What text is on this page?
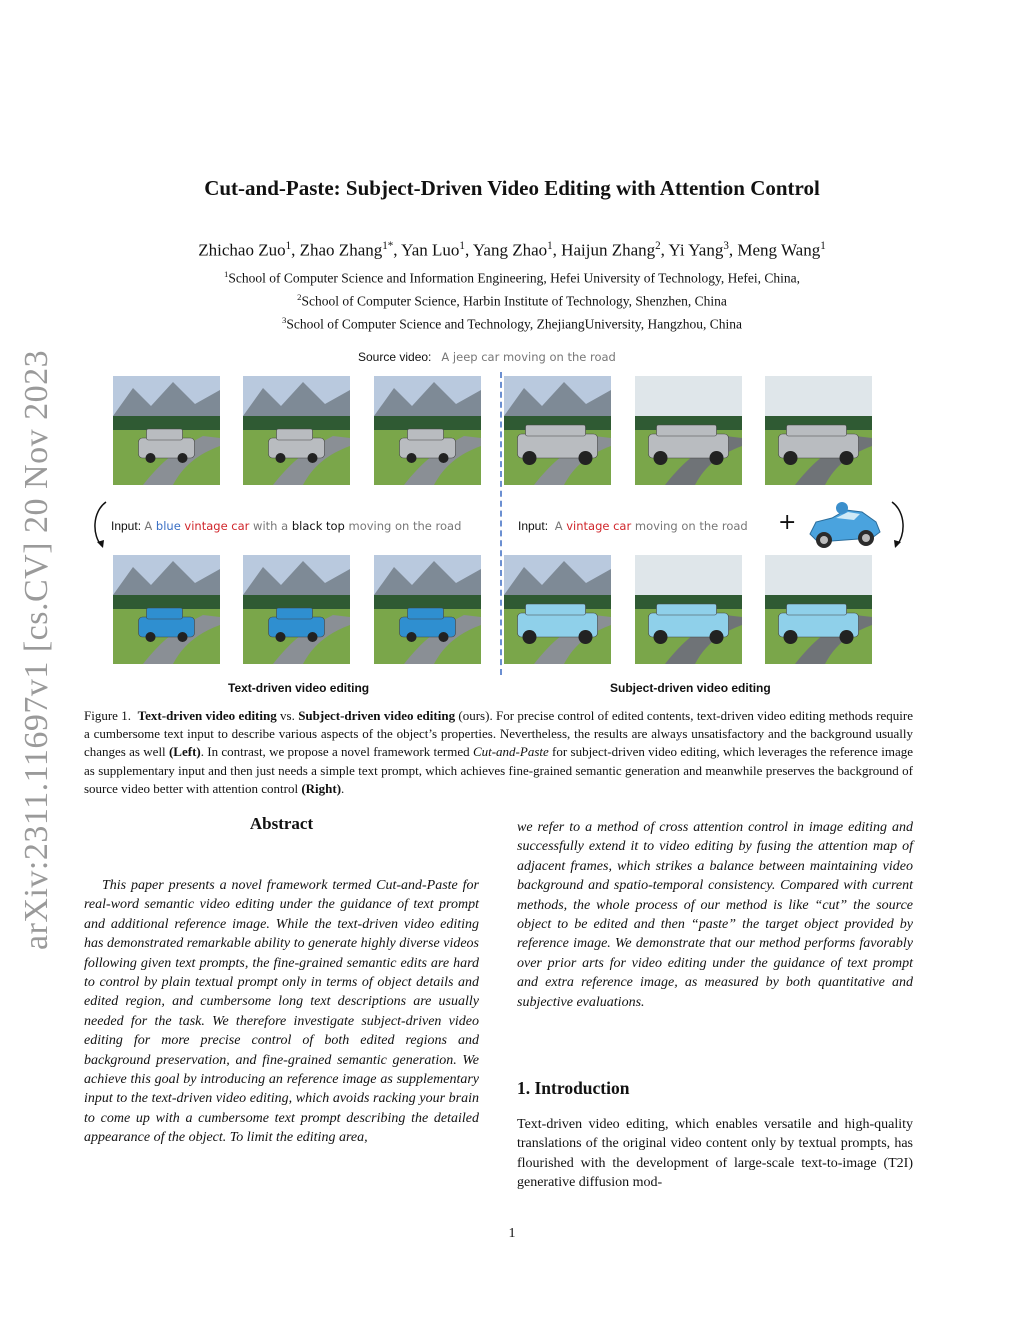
arXiv:2311.11697v1 [cs.CV] 20 Nov 2023
Cut-and-Paste: Subject-Driven Video Editing with Attention Control
Zhichao Zuo$^1$, Zhao Zhang$^{1*}$, Yan Luo$^1$, Yang Zhao$^1$, Haijun Zhang$^2$, Yi Yang$^3$, Meng Wang$^1$
$^1$School of Computer Science and Information Engineering, Hefei University of Technology, Hefei, China,
$^2$School of Computer Science, Harbin Institute of Technology, Shenzhen, China
$^3$School of Computer Science and Technology, ZhejiangUniversity, Hangzhou, China
Source video: A jeep car moving on the road
Input: A blue vintage car with a black top moving on the road	Input: A vintage car moving on the road +
Text-driven video editing	Subject-driven video editing
Figure 1. Text-driven video editing vs. Subject-driven video editing (ours). For precise control of edited contents, text-driven video editing methods require a cumbersome text input to describe various aspects of the object’s properties. Nevertheless, the results are always unsatisfactory and the background usually changes as well (Left). In contrast, we propose a novel framework termed Cut-and-Paste for subject-driven video editing, which leverages the reference image as supplementary input and then just needs a simple text prompt, which achieves fine-grained semantic generation and meanwhile preserves the background of source video better with attention control (Right).
Abstract
This paper presents a novel framework termed Cut-and-Paste for real-word semantic video editing under the guidance of text prompt and additional reference image. While the text-driven video editing has demonstrated remarkable ability to generate highly diverse videos following given text prompts, the fine-grained semantic edits are hard to control by plain textual prompt only in terms of object details and edited region, and cumbersome long text descriptions are usually needed for the task. We therefore investigate subject-driven video editing for more precise control of both edited regions and background preservation, and fine-grained semantic generation. We achieve this goal by introducing an reference image as supplementary input to the text-driven video editing, which avoids racking your brain to come up with a cumbersome text prompt describing the detailed appearance of the object. To limit the editing area,
we refer to a method of cross attention control in image editing and successfully extend it to video editing by fusing the attention map of adjacent frames, which strikes a balance between maintaining video background and spatio-temporal consistency. Compared with current methods, the whole process of our method is like “cut” the source object to be edited and then “paste” the target object provided by reference image. We demonstrate that our method performs favorably over prior arts for video editing under the guidance of text prompt and extra reference image, as measured by both quantitative and subjective evaluations.
1. Introduction
Text-driven video editing, which enables versatile and high-quality translations of the original video content only by textual prompts, has flourished with the development of large-scale text-to-image (T2I) generative diffusion mod-
1
